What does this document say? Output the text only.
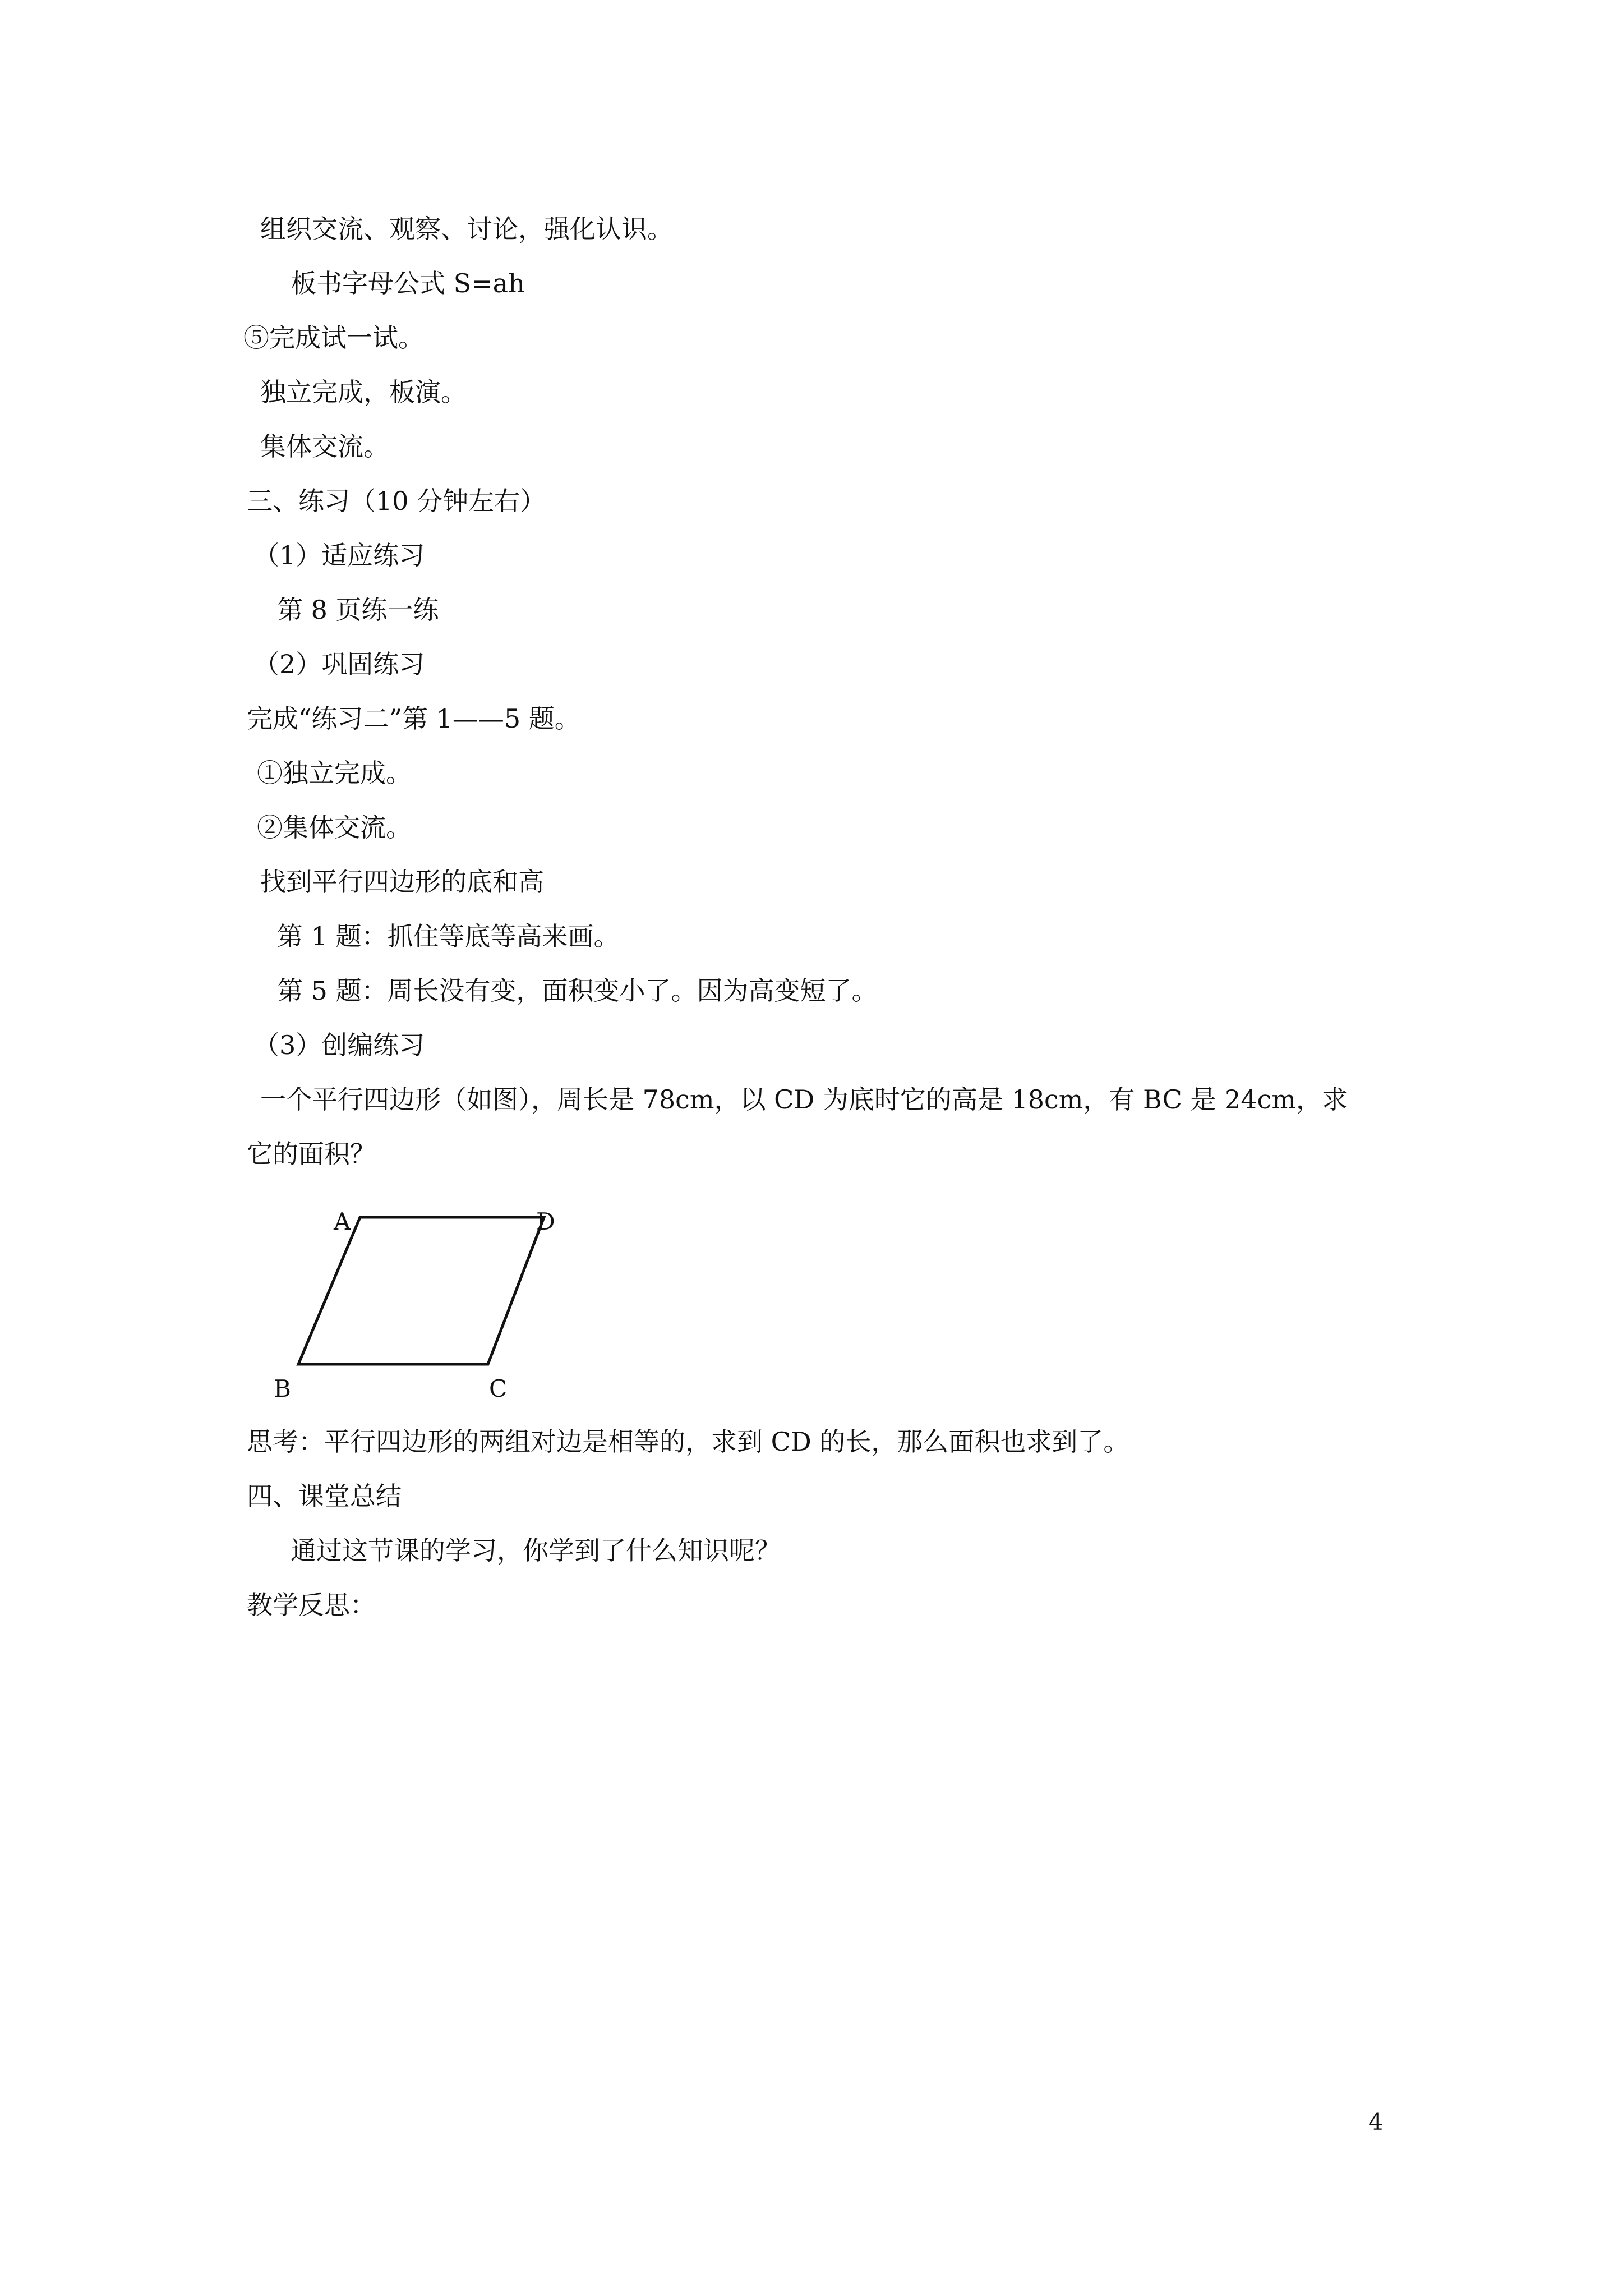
组织交流、观察、讨论，强化认识。
板书字母公式 S=ah
⑤完成试一试。
独立完成，板演。
集体交流。
三、练习（10 分钟左右）
（1）适应练习
第 8 页练一练
（2）巩固练习
完成“练习二”第 1——5 题。
①独立完成。
②集体交流。
找到平行四边形的底和高
第 1 题：抓住等底等高来画。
第 5 题：周长没有变，面积变小了。因为高变短了。
（3）创编练习
一个平行四边形（如图），周长是 78cm，以 CD 为底时它的高是 18cm，有 BC 是 24cm，求
它的面积？
A	D
B	C
思考：平行四边形的两组对边是相等的，求到 CD 的长，那么面积也求到了。
四、课堂总结
通过这节课的学习，你学到了什么知识呢？
教学反思：
4
